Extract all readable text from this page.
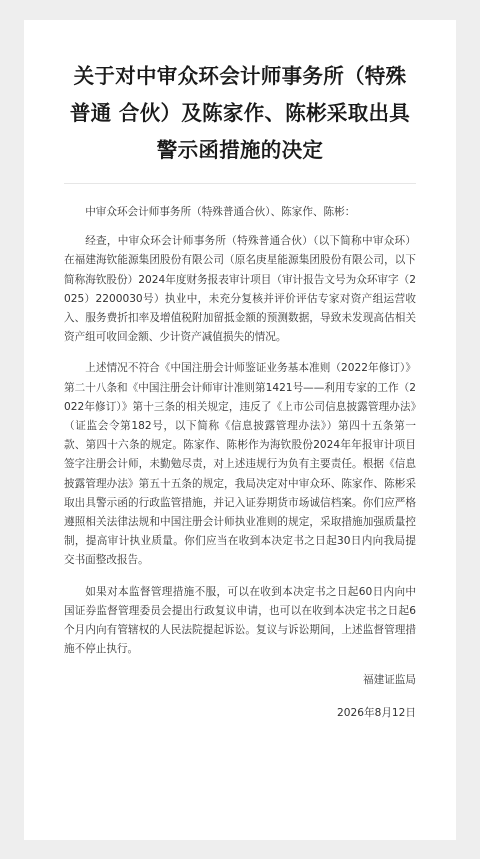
关于对中审众环会计师事务所（特殊普通 合伙）及陈家作、陈彬采取出具警示函措施的决定

中审众环会计师事务所（特殊普通合伙）、陈家作、陈彬：

经查，中审众环会计师事务所（特殊普通合伙）（以下简称中审众环）在福建海钦能源集团股份有限公司（原名庚星能源集团股份有限公司，以下简称海钦股份）2024年度财务报表审计项目（审计报告文号为众环审字（2025）2200030号）执业中，未充分复核并评价评估专家对资产组运营收入、服务费折扣率及增值税附加留抵金额的预测数据，导致未发现高估相关资产组可收回金额、少计资产减值损失的情况。

上述情况不符合《中国注册会计师鉴证业务基本准则（2022年修订）》第二十八条和《中国注册会计师审计准则第1421号——利用专家的工作（2022年修订）》第十三条的相关规定，违反了《上市公司信息披露管理办法》（证监会令第182号，以下简称《信息披露管理办法》）第四十五条第一款、第四十六条的规定。陈家作、陈彬作为海钦股份2024年年报审计项目签字注册会计师，未勤勉尽责，对上述违规行为负有主要责任。根据《信息披露管理办法》第五十五条的规定，我局决定对中审众环、陈家作、陈彬采取出具警示函的行政监管措施，并记入证券期货市场诚信档案。你们应严格遵照相关法律法规和中国注册会计师执业准则的规定，采取措施加强质量控制，提高审计执业质量。你们应当在收到本决定书之日起30日内向我局提交书面整改报告。

如果对本监督管理措施不服，可以在收到本决定书之日起60日内向中国证券监督管理委员会提出行政复议申请，也可以在收到本决定书之日起6个月内向有管辖权的人民法院提起诉讼。复议与诉讼期间，上述监督管理措施不停止执行。

福建证监局
2026年8月12日
